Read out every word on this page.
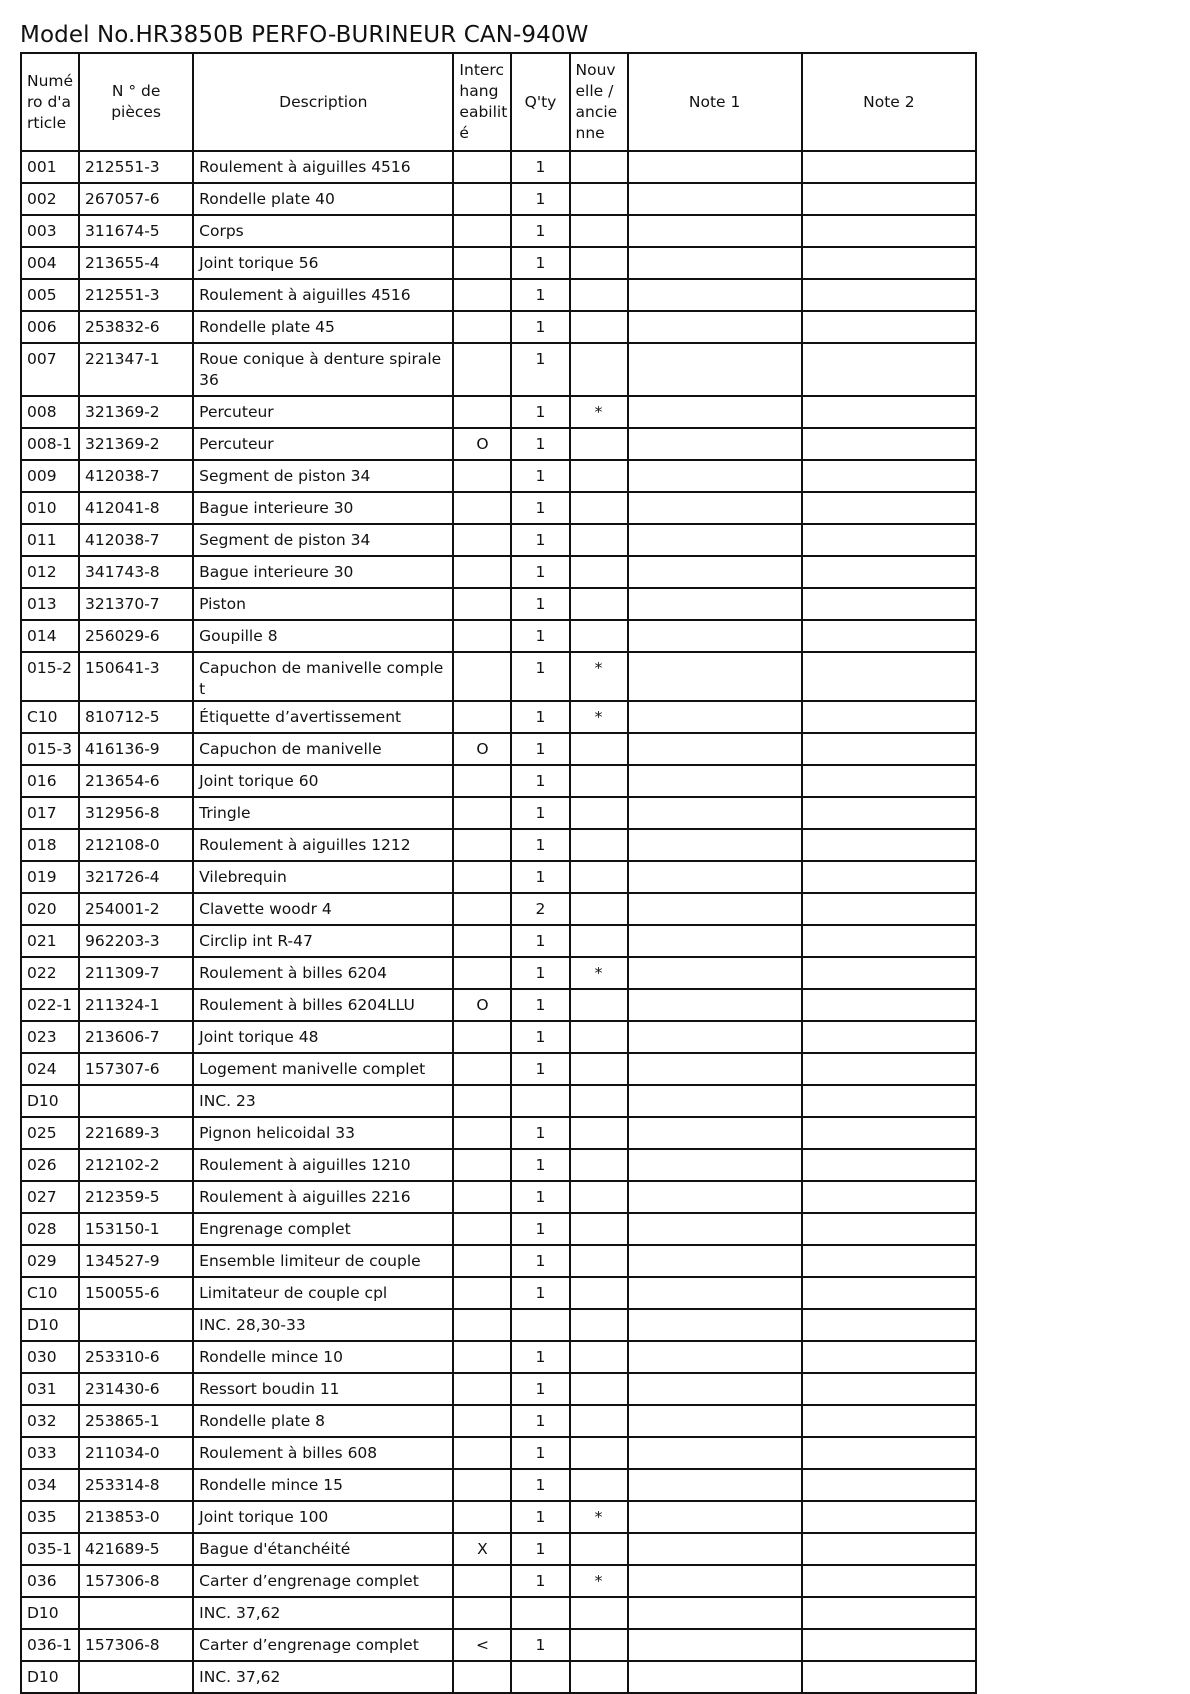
Model No.HR3850B PERFO-BURINEUR CAN-940W
Numé ro d'a rticle	N ° de pièces	Description	Interc hang eabilit é	Q'ty	Nouv elle / ancie nne	Note 1	Note 2
001	212551-3	Roulement à aiguilles 4516		1			
002	267057-6	Rondelle plate 40		1			
003	311674-5	Corps		1			
004	213655-4	Joint torique 56		1			
005	212551-3	Roulement à aiguilles 4516		1			
006	253832-6	Rondelle plate 45		1			
007	221347-1	Roue conique à denture spirale 36		1			
008	321369-2	Percuteur		1	*		
008-1	321369-2	Percuteur	O	1			
009	412038-7	Segment de piston 34		1			
010	412041-8	Bague interieure 30		1			
011	412038-7	Segment de piston 34		1			
012	341743-8	Bague interieure 30		1			
013	321370-7	Piston		1			
014	256029-6	Goupille 8		1			
015-2	150641-3	Capuchon de manivelle complet		1	*		
C10	810712-5	Étiquette d’avertissement		1	*		
015-3	416136-9	Capuchon de manivelle	O	1			
016	213654-6	Joint torique 60		1			
017	312956-8	Tringle		1			
018	212108-0	Roulement à aiguilles 1212		1			
019	321726-4	Vilebrequin		1			
020	254001-2	Clavette woodr 4		2			
021	962203-3	Circlip int R-47		1			
022	211309-7	Roulement à billes 6204		1	*		
022-1	211324-1	Roulement à billes 6204LLU	O	1			
023	213606-7	Joint torique 48		1			
024	157307-6	Logement manivelle complet		1			
D10		INC. 23					
025	221689-3	Pignon helicoidal 33		1			
026	212102-2	Roulement à aiguilles 1210		1			
027	212359-5	Roulement à aiguilles 2216		1			
028	153150-1	Engrenage complet		1			
029	134527-9	Ensemble limiteur de couple		1			
C10	150055-6	Limitateur de couple cpl		1			
D10		INC. 28,30-33					
030	253310-6	Rondelle mince 10		1			
031	231430-6	Ressort boudin 11		1			
032	253865-1	Rondelle plate 8		1			
033	211034-0	Roulement à billes 608		1			
034	253314-8	Rondelle mince 15		1			
035	213853-0	Joint torique 100		1	*		
035-1	421689-5	Bague d'étanchéité	X	1			
036	157306-8	Carter d’engrenage complet		1	*		
D10		INC. 37,62					
036-1	157306-8	Carter d’engrenage complet	<	1			
D10		INC. 37,62					
